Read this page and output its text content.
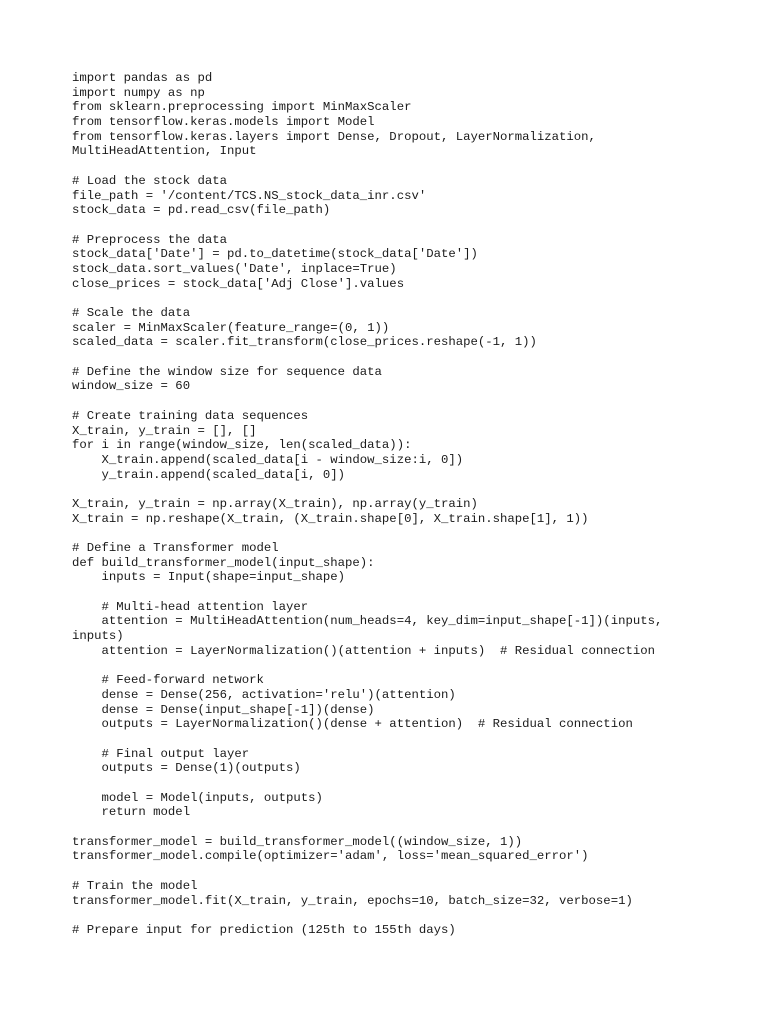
import pandas as pd
import numpy as np
from sklearn.preprocessing import MinMaxScaler
from tensorflow.keras.models import Model
from tensorflow.keras.layers import Dense, Dropout, LayerNormalization,
MultiHeadAttention, Input
# Load the stock data
file_path = '/content/TCS.NS_stock_data_inr.csv'
stock_data = pd.read_csv(file_path)
# Preprocess the data
stock_data['Date'] = pd.to_datetime(stock_data['Date'])
stock_data.sort_values('Date', inplace=True)
close_prices = stock_data['Adj Close'].values
# Scale the data
scaler = MinMaxScaler(feature_range=(0, 1))
scaled_data = scaler.fit_transform(close_prices.reshape(-1, 1))
# Define the window size for sequence data
window_size = 60
# Create training data sequences
X_train, y_train = [], []
for i in range(window_size, len(scaled_data)):
X_train.append(scaled_data[i - window_size:i, 0])
y_train.append(scaled_data[i, 0])
X_train, y_train = np.array(X_train), np.array(y_train)
X_train = np.reshape(X_train, (X_train.shape[0], X_train.shape[1], 1))
# Define a Transformer model
def build_transformer_model(input_shape):
inputs = Input(shape=input_shape)
# Multi-head attention layer
attention = MultiHeadAttention(num_heads=4, key_dim=input_shape[-1])(inputs,
inputs)
attention = LayerNormalization()(attention + inputs)  # Residual connection
# Feed-forward network
dense = Dense(256, activation='relu')(attention)
dense = Dense(input_shape[-1])(dense)
outputs = LayerNormalization()(dense + attention)  # Residual connection
# Final output layer
outputs = Dense(1)(outputs)
model = Model(inputs, outputs)
return model
transformer_model = build_transformer_model((window_size, 1))
transformer_model.compile(optimizer='adam', loss='mean_squared_error')
# Train the model
transformer_model.fit(X_train, y_train, epochs=10, batch_size=32, verbose=1)
# Prepare input for prediction (125th to 155th days)
